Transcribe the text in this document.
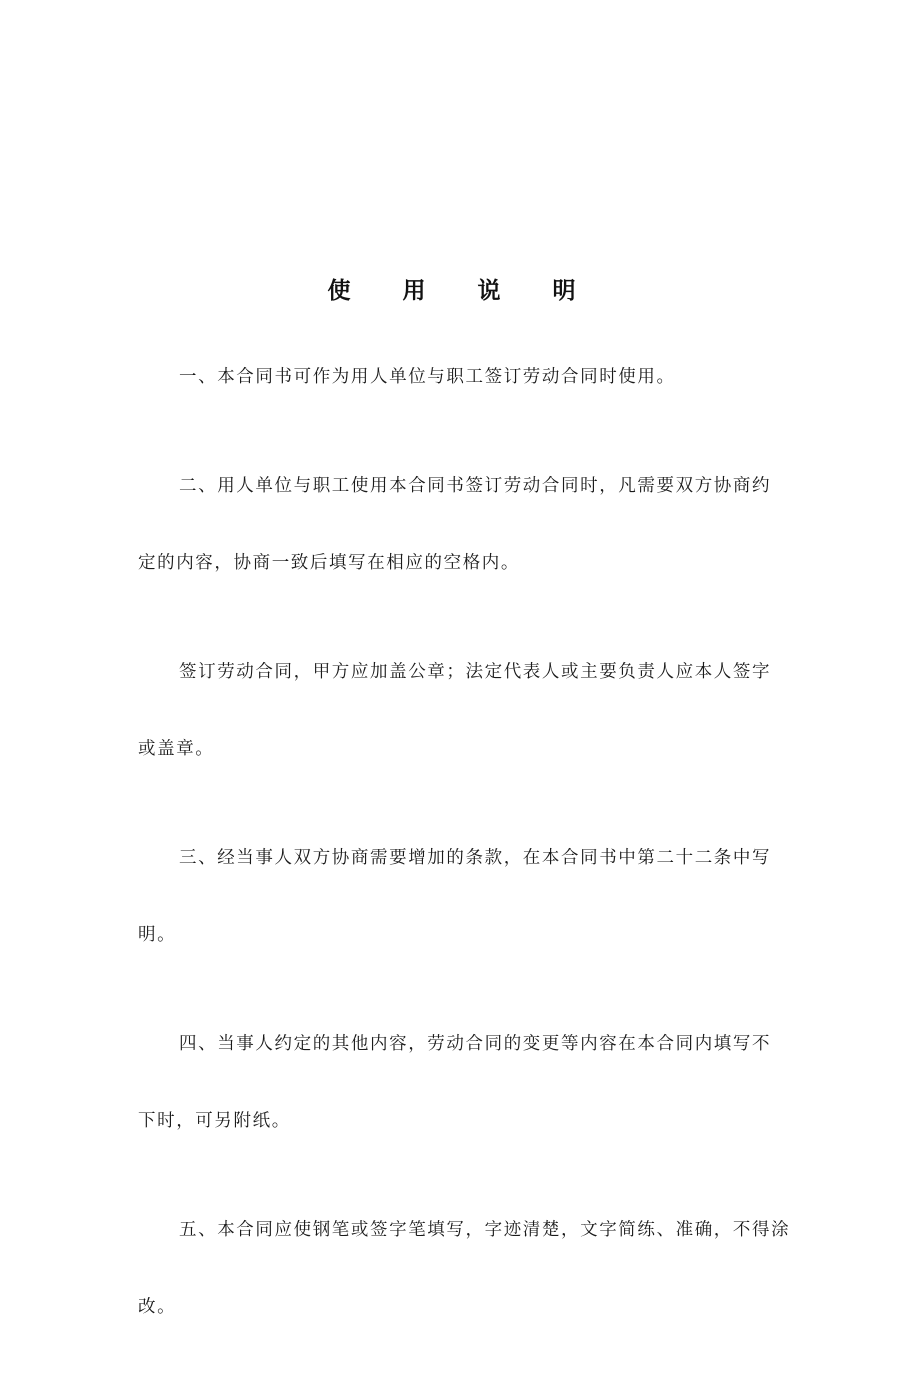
使 用 说 明
一、本合同书可作为用人单位与职工签订劳动合同时使用。
二、用人单位与职工使用本合同书签订劳动合同时，凡需要双方协商约
定的内容，协商一致后填写在相应的空格内。
签订劳动合同，甲方应加盖公章；法定代表人或主要负责人应本人签字
或盖章。
三、经当事人双方协商需要增加的条款，在本合同书中第二十二条中写
明。
四、当事人约定的其他内容，劳动合同的变更等内容在本合同内填写不
下时，可另附纸。
五、本合同应使钢笔或签字笔填写，字迹清楚，文字简练、准确，不得涂
改。
